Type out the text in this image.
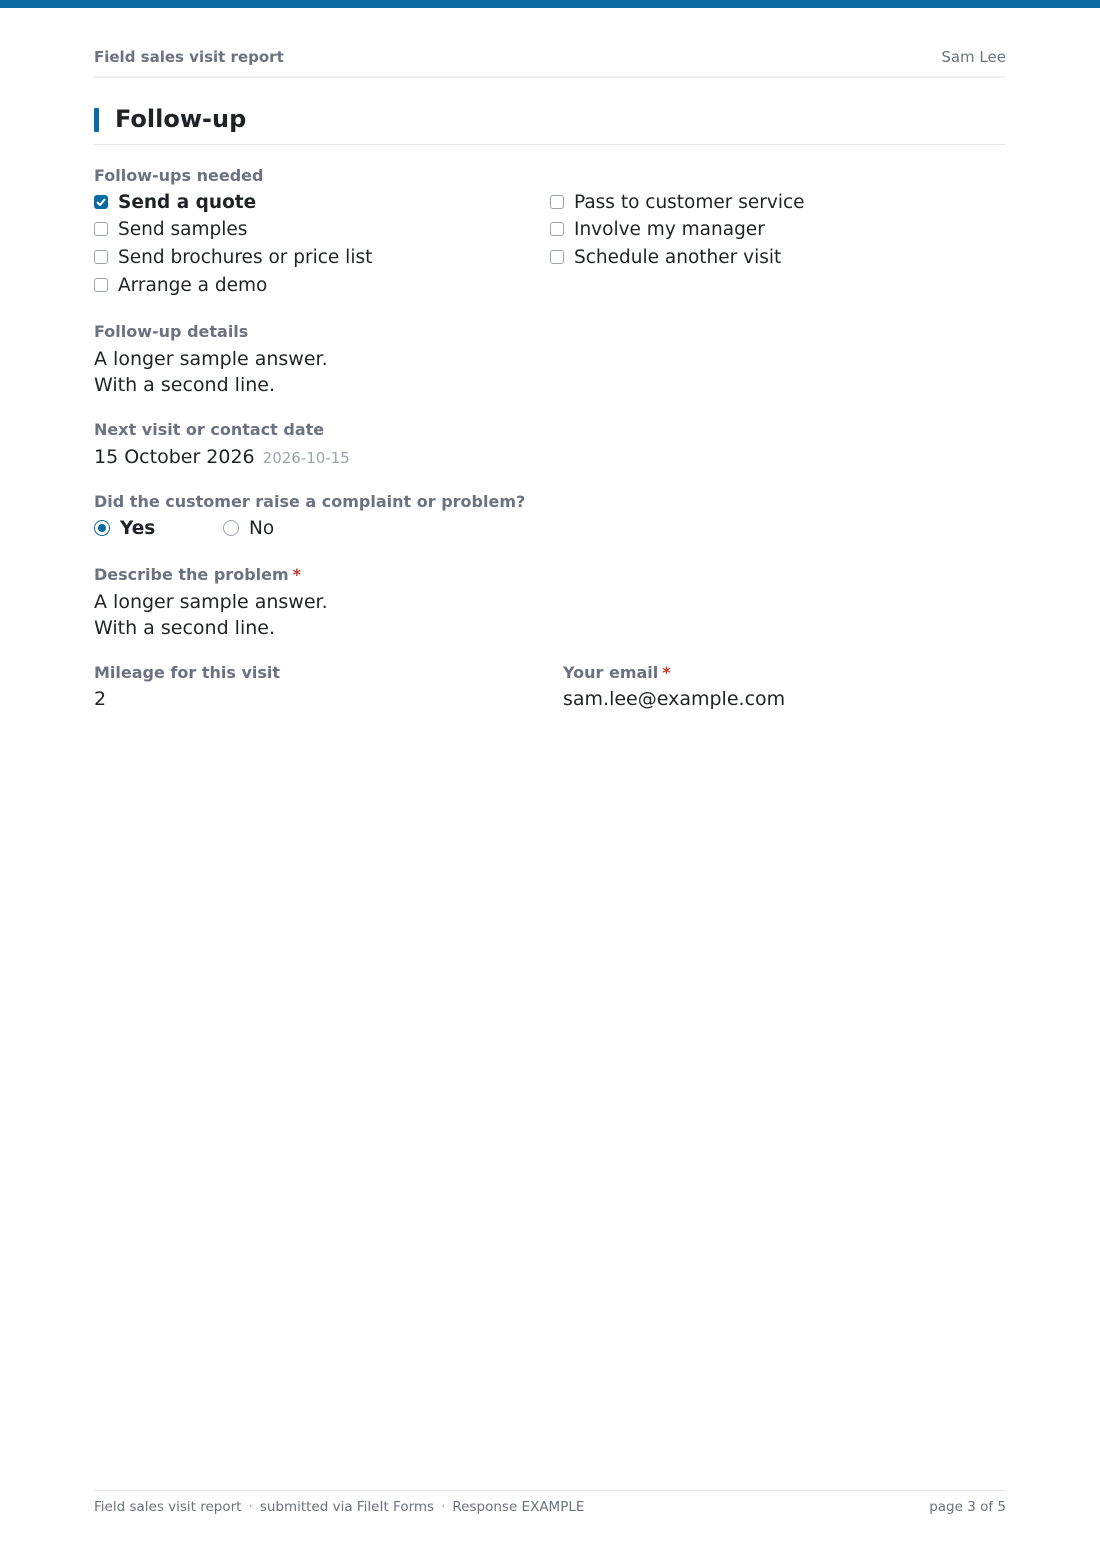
Field sales visit report	Sam Lee
Follow-up
Follow-ups needed
Send a quote
Send samples
Send brochures or price list
Arrange a demo
Pass to customer service
Involve my manager
Schedule another visit
Follow-up details
A longer sample answer.
With a second line.
Next visit or contact date
15 October 2026 2026-10-15
Did the customer raise a complaint or problem?
Yes	No
Describe the problem *
A longer sample answer.
With a second line.
Mileage for this visit
2
Your email *
sam.lee@example.com
Field sales visit report · submitted via FileIt Forms · Response EXAMPLE	page 3 of 5
